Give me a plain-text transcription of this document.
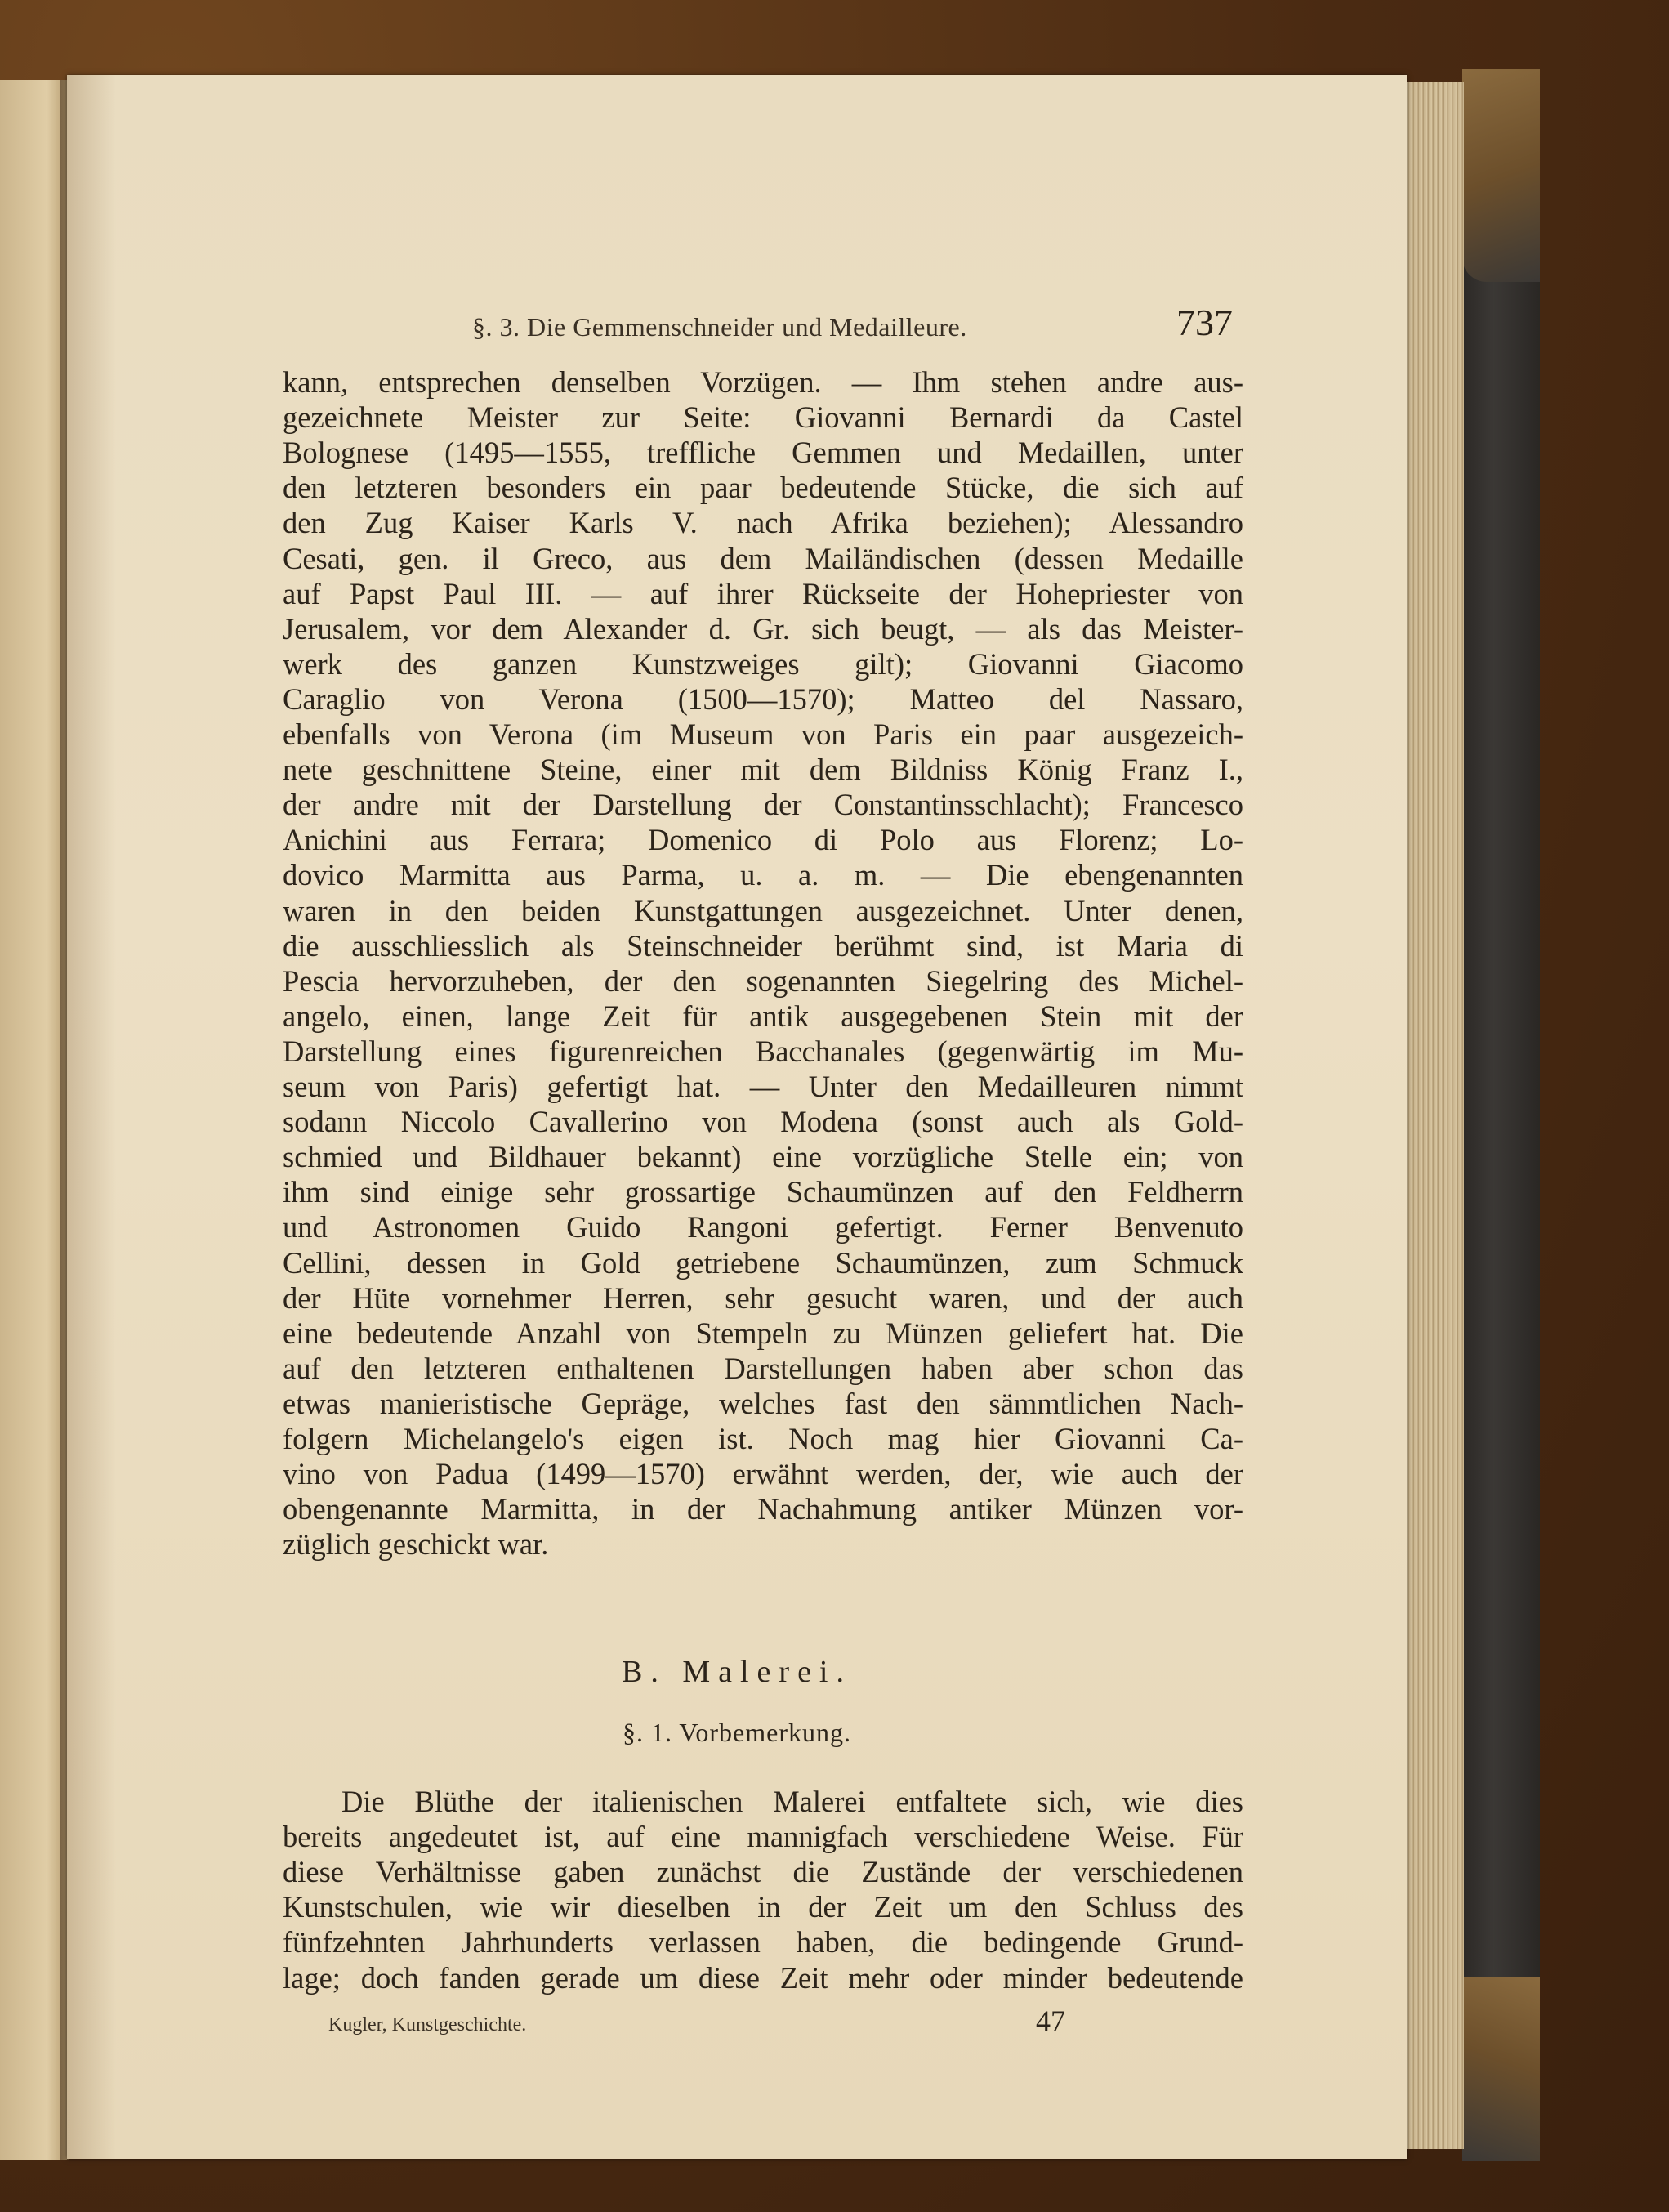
§. 3. Die Gemmenschneider und Medailleure.	737
kann, entsprechen denselben Vorzügen. — Ihm stehen andre aus-
gezeichnete Meister zur Seite: Giovanni Bernardi da Castel
Bolognese (1495—1555, treffliche Gemmen und Medaillen, unter
den letzteren besonders ein paar bedeutende Stücke, die sich auf
den Zug Kaiser Karls V. nach Afrika beziehen); Alessandro
Cesati, gen. il Greco, aus dem Mailändischen (dessen Medaille
auf Papst Paul III. — auf ihrer Rückseite der Hohepriester von
Jerusalem, vor dem Alexander d. Gr. sich beugt, — als das Meister-
werk des ganzen Kunstzweiges gilt); Giovanni Giacomo
Caraglio von Verona (1500—1570); Matteo del Nassaro,
ebenfalls von Verona (im Museum von Paris ein paar ausgezeich-
nete geschnittene Steine, einer mit dem Bildniss König Franz I.,
der andre mit der Darstellung der Constantinsschlacht); Francesco
Anichini aus Ferrara; Domenico di Polo aus Florenz; Lo-
dovico Marmitta aus Parma, u. a. m. — Die ebengenannten
waren in den beiden Kunstgattungen ausgezeichnet. Unter denen,
die ausschliesslich als Steinschneider berühmt sind, ist Maria di
Pescia hervorzuheben, der den sogenannten Siegelring des Michel-
angelo, einen, lange Zeit für antik ausgegebenen Stein mit der
Darstellung eines figurenreichen Bacchanales (gegenwärtig im Mu-
seum von Paris) gefertigt hat. — Unter den Medailleuren nimmt
sodann Niccolo Cavallerino von Modena (sonst auch als Gold-
schmied und Bildhauer bekannt) eine vorzügliche Stelle ein; von
ihm sind einige sehr grossartige Schaumünzen auf den Feldherrn
und Astronomen Guido Rangoni gefertigt. Ferner Benvenuto
Cellini, dessen in Gold getriebene Schaumünzen, zum Schmuck
der Hüte vornehmer Herren, sehr gesucht waren, und der auch
eine bedeutende Anzahl von Stempeln zu Münzen geliefert hat. Die
auf den letzteren enthaltenen Darstellungen haben aber schon das
etwas manieristische Gepräge, welches fast den sämmtlichen Nach-
folgern Michelangelo's eigen ist. Noch mag hier Giovanni Ca-
vino von Padua (1499—1570) erwähnt werden, der, wie auch der
obengenannte Marmitta, in der Nachahmung antiker Münzen vor-
züglich geschickt war.
B. Malerei.
§. 1. Vorbemerkung.
Die Blüthe der italienischen Malerei entfaltete sich, wie dies
bereits angedeutet ist, auf eine mannigfach verschiedene Weise. Für
diese Verhältnisse gaben zunächst die Zustände der verschiedenen
Kunstschulen, wie wir dieselben in der Zeit um den Schluss des
fünfzehnten Jahrhunderts verlassen haben, die bedingende Grund-
lage; doch fanden gerade um diese Zeit mehr oder minder bedeutende
Kugler, Kunstgeschichte.	47
